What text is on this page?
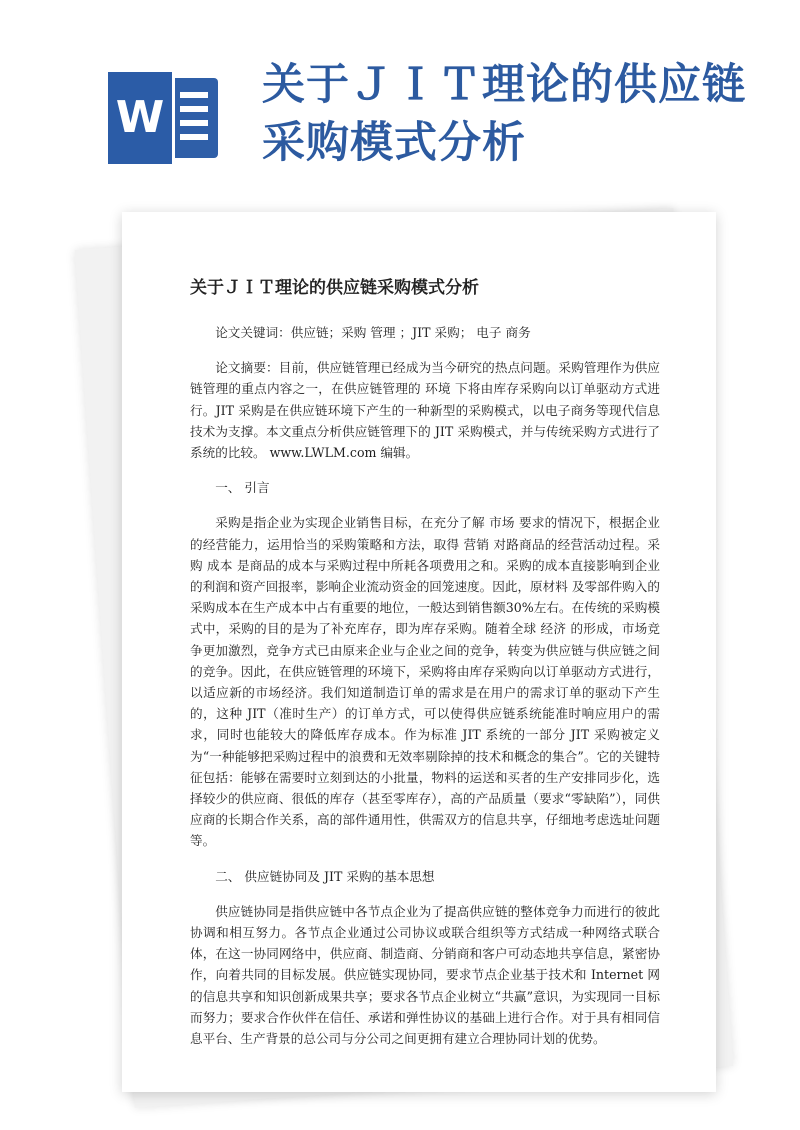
W
关于ＪＩＴ理论的供应链采购模式分析
关于ＪＩＴ理论的供应链采购模式分析

论文关键词：供应链；采购 管理 ；JIT 采购； 电子 商务

论文摘要：目前，供应链管理已经成为当今研究的热点问题。采购管理作为供应链管理的重点内容之一，在供应链管理的 环境 下将由库存采购向以订单驱动方式进行。JIT 采购是在供应链环境下产生的一种新型的采购模式，以电子商务等现代信息技术为支撑。本文重点分析供应链管理下的 JIT 采购模式，并与传统采购方式进行了系统的比较。 www.LWLM.com 编辑。

一、 引言

采购是指企业为实现企业销售目标，在充分了解 市场 要求的情况下，根据企业的经营能力，运用恰当的采购策略和方法，取得 营销 对路商品的经营活动过程。采购 成本 是商品的成本与采购过程中所耗各项费用之和。采购的成本直接影响到企业的利润和资产回报率，影响企业流动资金的回笼速度。因此，原材料 及零部件购入的采购成本在生产成本中占有重要的地位，一般达到销售额30%左右。在传统的采购模式中，采购的目的是为了补充库存，即为库存采购。随着全球 经济 的形成，市场竞争更加激烈，竞争方式已由原来企业与企业之间的竞争，转变为供应链与供应链之间的竞争。因此，在供应链管理的环境下，采购将由库存采购向以订单驱动方式进行，以适应新的市场经济。我们知道制造订单的需求是在用户的需求订单的驱动下产生的，这种 JIT（准时生产）的订单方式，可以使得供应链系统能准时响应用户的需求，同时也能较大的降低库存成本。作为标准 JIT 系统的一部分 JIT 采购被定义为“一种能够把采购过程中的浪费和无效率剔除掉的技术和概念的集合”。它的关键特征包括：能够在需要时立刻到达的小批量，物料的运送和买者的生产安排同步化，选择较少的供应商、很低的库存（甚至零库存），高的产品质量（要求“零缺陷”），同供应商的长期合作关系，高的部件通用性，供需双方的信息共享，仔细地考虑选址问题等。

二、 供应链协同及 JIT 采购的基本思想

供应链协同是指供应链中各节点企业为了提高供应链的整体竞争力而进行的彼此协调和相互努力。各节点企业通过公司协议或联合组织等方式结成一种网络式联合体，在这一协同网络中，供应商、制造商、分销商和客户可动态地共享信息，紧密协作，向着共同的目标发展。供应链实现协同，要求节点企业基于技术和 Internet 网的信息共享和知识创新成果共享；要求各节点企业树立“共赢”意识，为实现同一目标而努力；要求合作伙伴在信任、承诺和弹性协议的基础上进行合作。对于具有相同信息平台、生产背景的总公司与分公司之间更拥有建立合理协同计划的优势。
